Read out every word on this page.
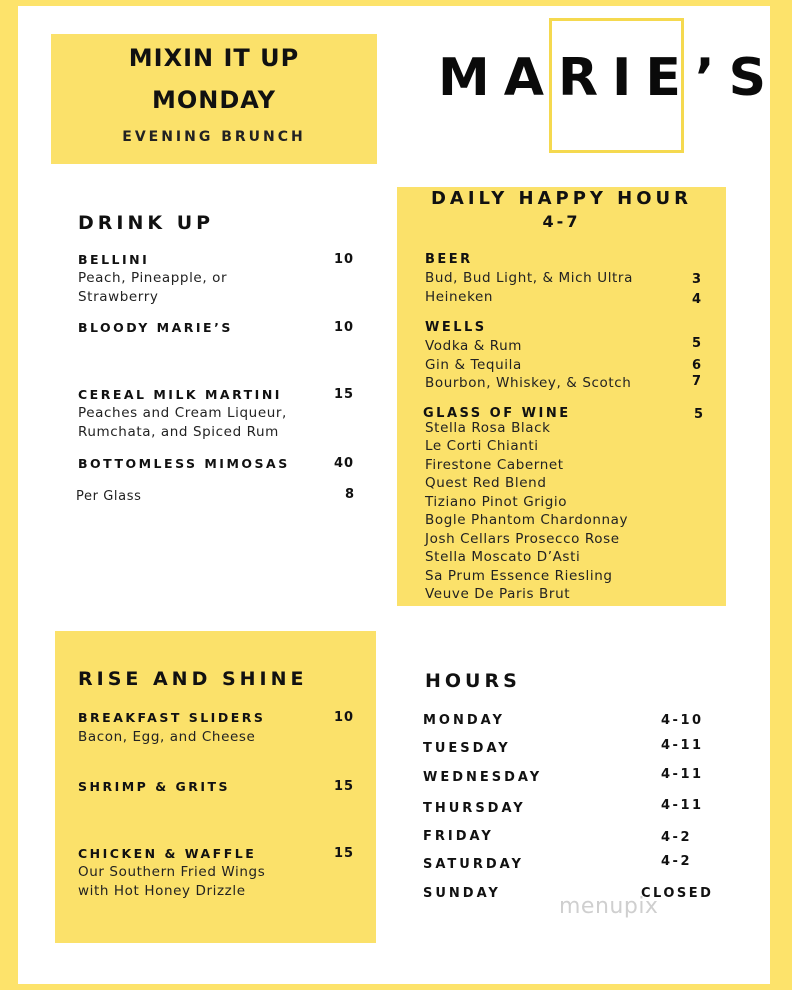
MIXIN IT UP
MONDAY
EVENING BRUNCH
MARIE’S
DRINK UP
BELLINI	10
Peach, Pineapple, or
Strawberry
BLOODY MARIE’S	10
CEREAL MILK MARTINI	15
Peaches and Cream Liqueur,
Rumchata, and Spiced Rum
BOTTOMLESS MIMOSAS	40
Per Glass	8
DAILY HAPPY HOUR
4-7
BEER
Bud, Bud Light, & Mich Ultra	3
Heineken	4
WELLS
Vodka & Rum	5
Gin & Tequila	6
Bourbon, Whiskey, & Scotch	7
GLASS OF WINE	5
Stella Rosa Black
Le Corti Chianti
Firestone Cabernet
Quest Red Blend
Tiziano Pinot Grigio
Bogle Phantom Chardonnay
Josh Cellars Prosecco Rose
Stella Moscato D’Asti
Sa Prum Essence Riesling
Veuve De Paris Brut
RISE AND SHINE
BREAKFAST SLIDERS	10
Bacon, Egg, and Cheese
SHRIMP & GRITS	15
CHICKEN & WAFFLE	15
Our Southern Fried Wings
with Hot Honey Drizzle
HOURS
MONDAY	4-10
TUESDAY	4-11
WEDNESDAY	4-11
THURSDAY	4-11
FRIDAY	4-2
SATURDAY	4-2
SUNDAY	CLOSED
menupix
